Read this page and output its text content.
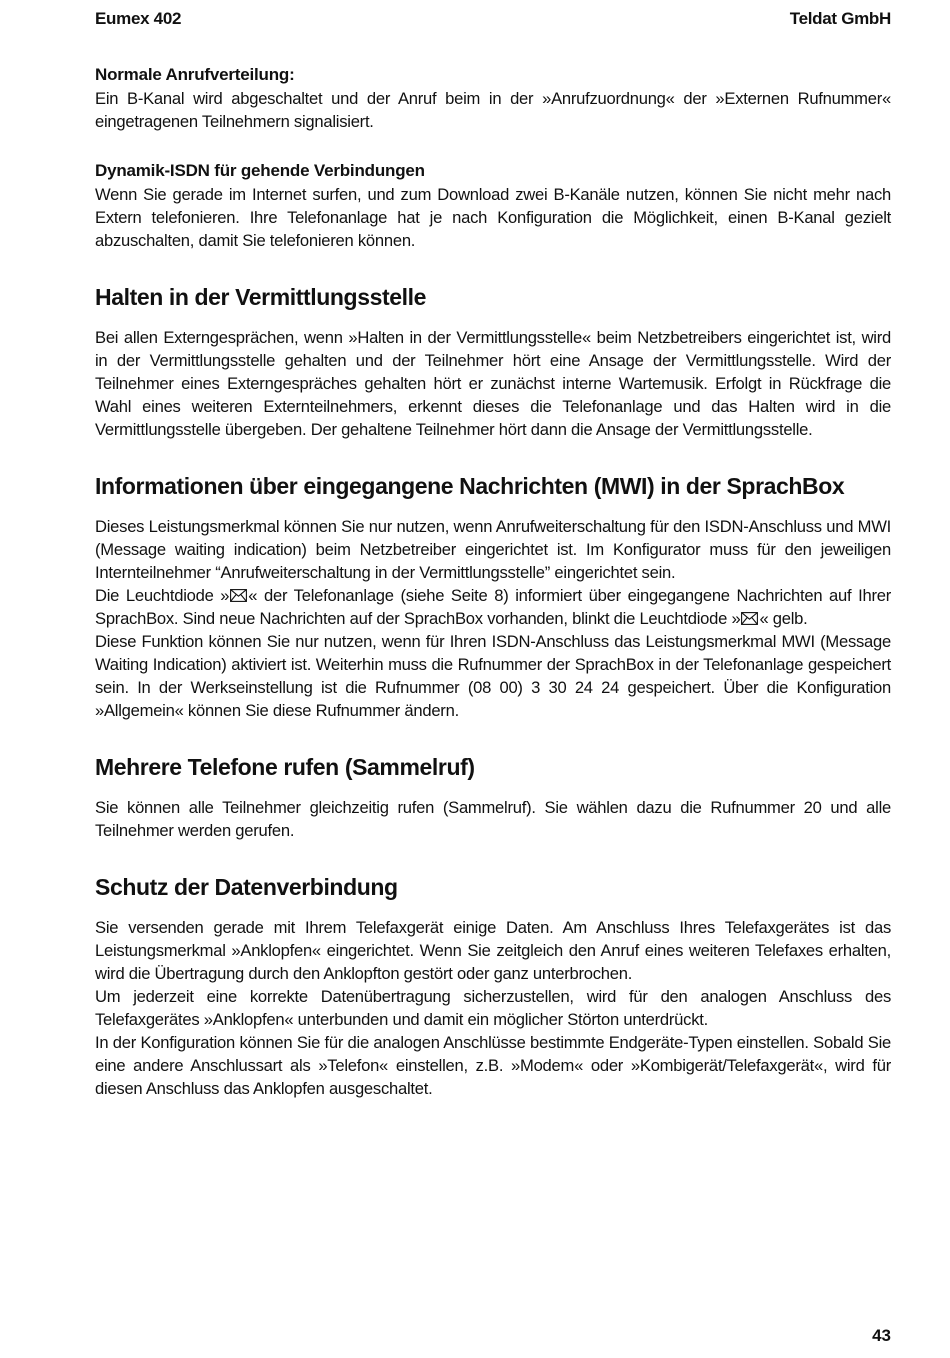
Eumex 402	Teldat GmbH
Normale Anrufverteilung:

Ein B-Kanal wird abgeschaltet und der Anruf beim in der »Anrufzuordnung« der »Externen Rufnummer« eingetragenen Teilnehmern signalisiert.

Dynamik-ISDN für gehende Verbindungen

Wenn Sie gerade im Internet surfen, und zum Download zwei B-Kanäle nutzen, können Sie nicht mehr nach Extern telefonieren. Ihre Telefonanlage hat je nach Konfiguration die Möglichkeit, einen B-Kanal gezielt abzuschalten, damit Sie telefonieren können.

Halten in der Vermittlungsstelle

Bei allen Externgesprächen, wenn »Halten in der Vermittlungsstelle« beim Netzbetreibers eingerichtet ist, wird in der Vermittlungsstelle gehalten und der Teilnehmer hört eine Ansage der Vermittlungsstelle. Wird der Teilnehmer eines Externgespräches gehalten hört er zunächst interne Wartemusik. Erfolgt in Rückfrage die Wahl eines weiteren Externteilnehmers, erkennt dieses die Telefonanlage und das Halten wird in die Vermittlungsstelle übergeben. Der gehaltene Teilnehmer hört dann die Ansage der Vermittlungsstelle.

Informationen über eingegangene Nachrichten (MWI) in der SprachBox

Dieses Leistungsmerkmal können Sie nur nutzen, wenn Anrufweiterschaltung für den ISDN-Anschluss und MWI (Message waiting indication) beim Netzbetreiber eingerichtet ist. Im Konfigurator muss für den jeweiligen Internteilnehmer “Anrufweiterschaltung in der Vermittlungsstelle” eingerichtet sein.

Die Leuchtdiode » « der Telefonanlage (siehe Seite 8) informiert über eingegangene Nachrichten auf Ihrer SprachBox. Sind neue Nachrichten auf der SprachBox vorhanden, blinkt die Leuchtdiode » « gelb.

Diese Funktion können Sie nur nutzen, wenn für Ihren ISDN-Anschluss das Leistungsmerkmal MWI (Message Waiting Indication) aktiviert ist. Weiterhin muss die Rufnummer der SprachBox in der Telefonanlage gespeichert sein. In der Werkseinstellung ist die Rufnummer (08 00) 3 30 24 24 gespeichert. Über die Konfiguration »Allgemein« können Sie diese Rufnummer ändern.

Mehrere Telefone rufen (Sammelruf)

Sie können alle Teilnehmer gleichzeitig rufen (Sammelruf). Sie wählen dazu die Rufnummer 20 und alle Teilnehmer werden gerufen.

Schutz der Datenverbindung

Sie versenden gerade mit Ihrem Telefaxgerät einige Daten. Am Anschluss Ihres Telefaxgerätes ist das Leistungsmerkmal »Anklopfen« eingerichtet. Wenn Sie zeitgleich den Anruf eines weiteren Telefaxes erhalten, wird die Übertragung durch den Anklopfton gestört oder ganz unterbrochen.

Um jederzeit eine korrekte Datenübertragung sicherzustellen, wird für den analogen Anschluss des Telefaxgerätes »Anklopfen« unterbunden und damit ein möglicher Störton unterdrückt.

In der Konfiguration können Sie für die analogen Anschlüsse bestimmte Endgeräte-Typen einstellen. Sobald Sie eine andere Anschlussart als »Telefon« einstellen, z.B. »Modem« oder »Kombigerät/Telefaxgerät«, wird für diesen Anschluss das Anklopfen ausgeschaltet.

43
